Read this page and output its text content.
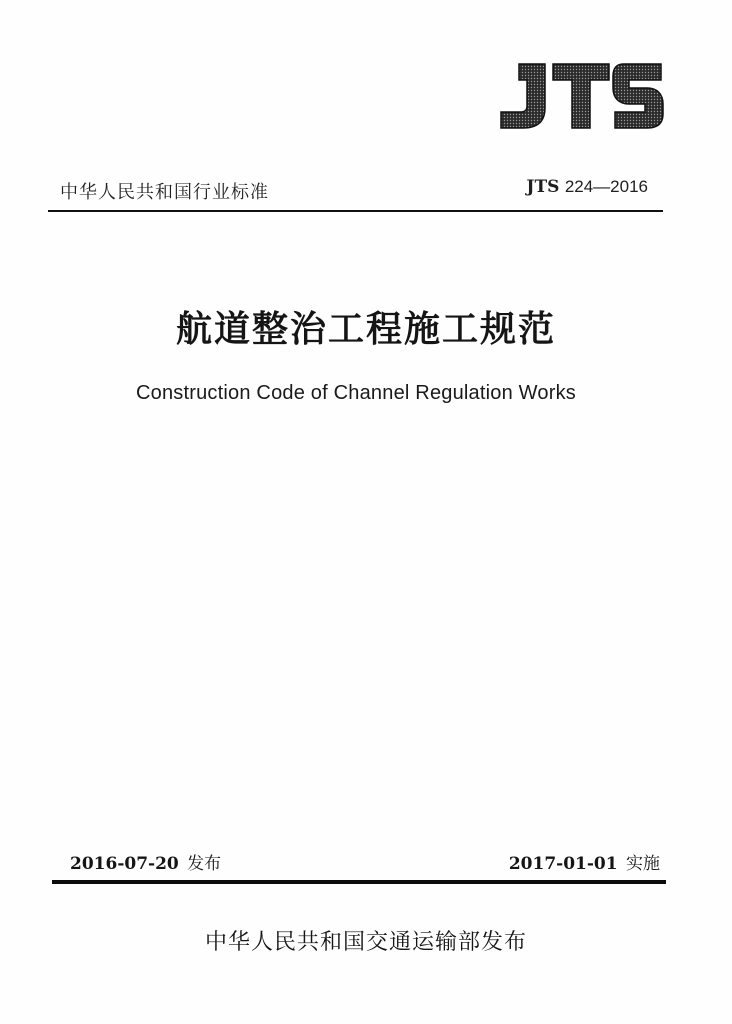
中华人民共和国行业标准	JTS 224—2016
航道整治工程施工规范
Construction Code of Channel Regulation Works
2016-07-20 发布	2017-01-01 实施
中华人民共和国交通运输部发布
